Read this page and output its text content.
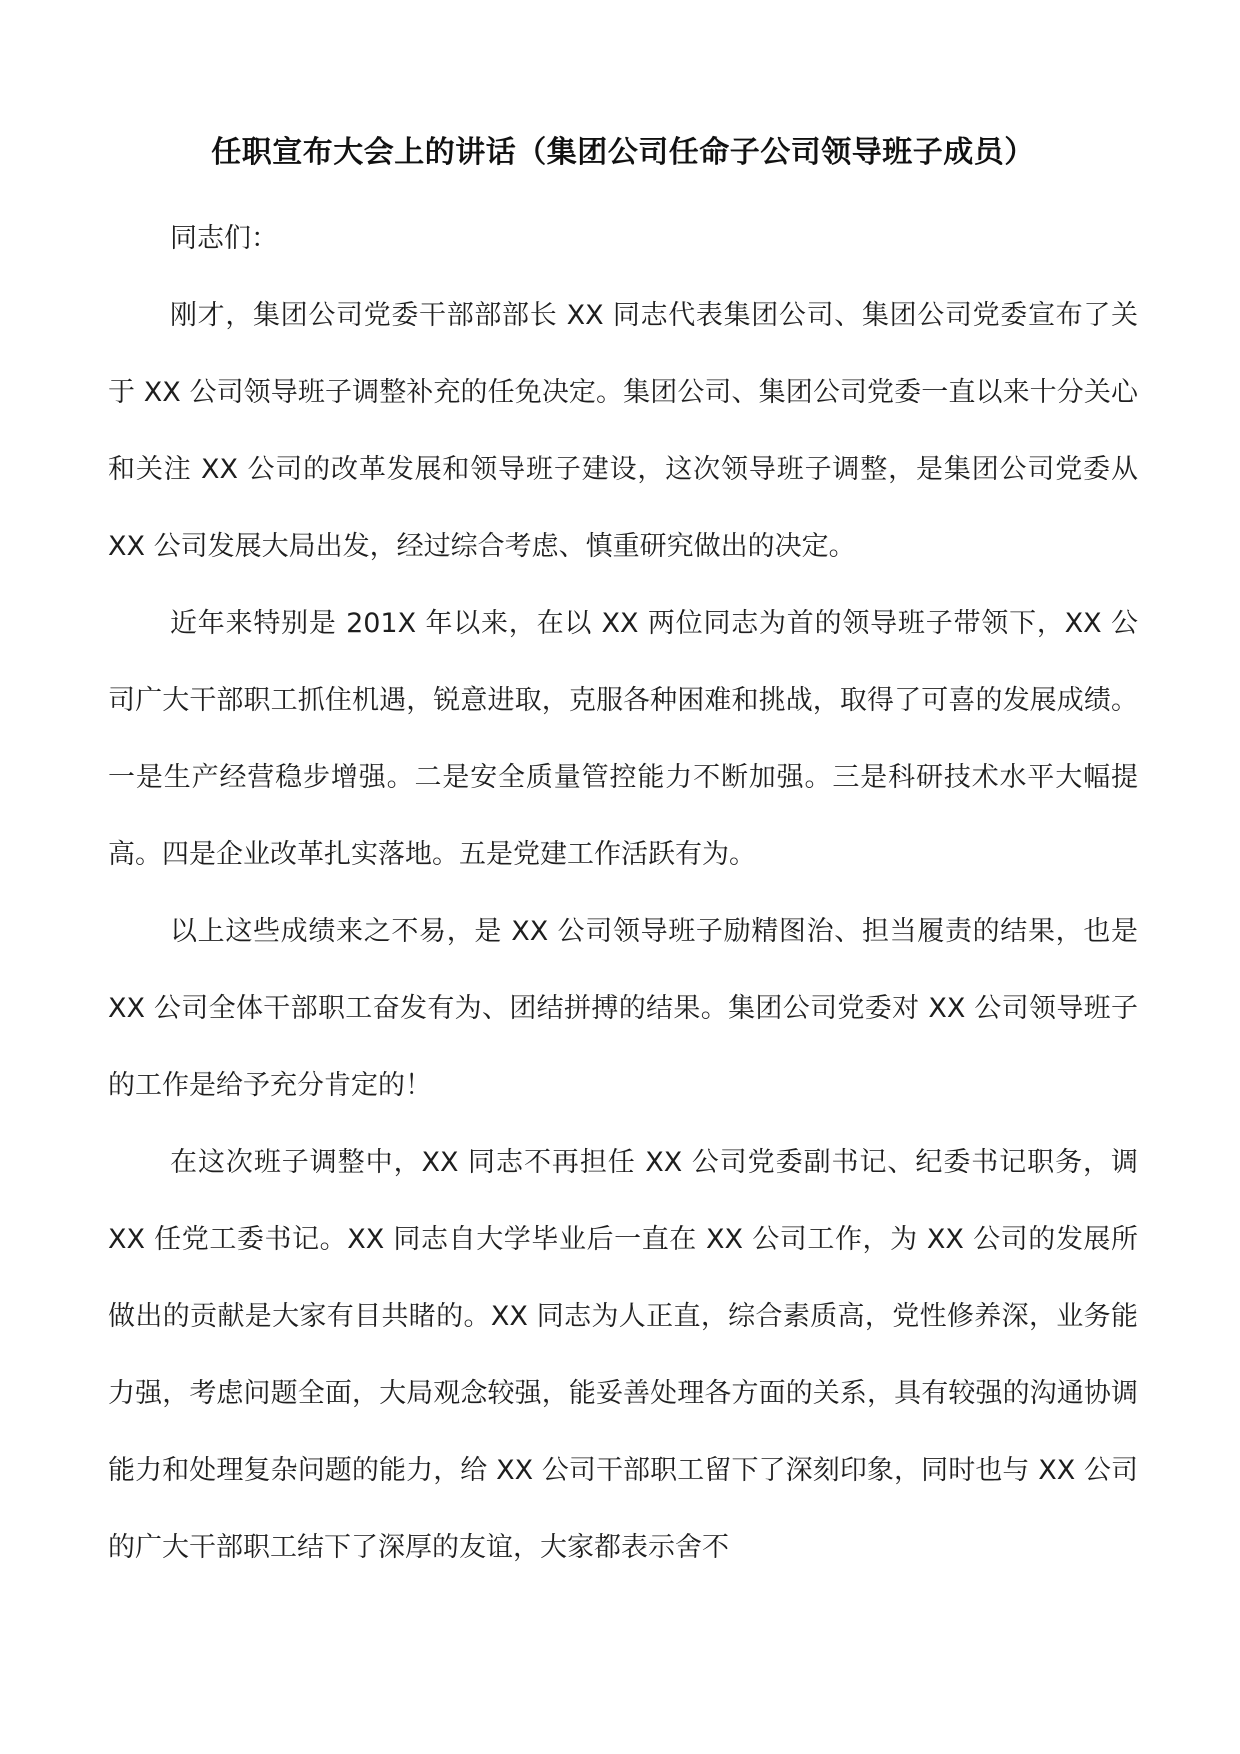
任职宣布大会上的讲话（集团公司任命子公司领导班子成员）

同志们：

刚才，集团公司党委干部部部长 XX 同志代表集团公司、集团公司党委宣布了关于 XX 公司领导班子调整补充的任免决定。集团公司、集团公司党委一直以来十分关心和关注 XX 公司的改革发展和领导班子建设，这次领导班子调整，是集团公司党委从 XX 公司发展大局出发，经过综合考虑、慎重研究做出的决定。

近年来特别是 201X 年以来，在以 XX 两位同志为首的领导班子带领下，XX 公司广大干部职工抓住机遇，锐意进取，克服各种困难和挑战，取得了可喜的发展成绩。一是生产经营稳步增强。二是安全质量管控能力不断加强。三是科研技术水平大幅提高。四是企业改革扎实落地。五是党建工作活跃有为。

以上这些成绩来之不易，是 XX 公司领导班子励精图治、担当履责的结果，也是 XX 公司全体干部职工奋发有为、团结拼搏的结果。集团公司党委对 XX 公司领导班子的工作是给予充分肯定的！

在这次班子调整中，XX 同志不再担任 XX 公司党委副书记、纪委书记职务，调 XX 任党工委书记。XX 同志自大学毕业后一直在 XX 公司工作，为 XX 公司的发展所做出的贡献是大家有目共睹的。XX 同志为人正直，综合素质高，党性修养深，业务能力强，考虑问题全面，大局观念较强，能妥善处理各方面的关系，具有较强的沟通协调能力和处理复杂问题的能力，给 XX 公司干部职工留下了深刻印象，同时也与 XX 公司的广大干部职工结下了深厚的友谊，大家都表示舍不
